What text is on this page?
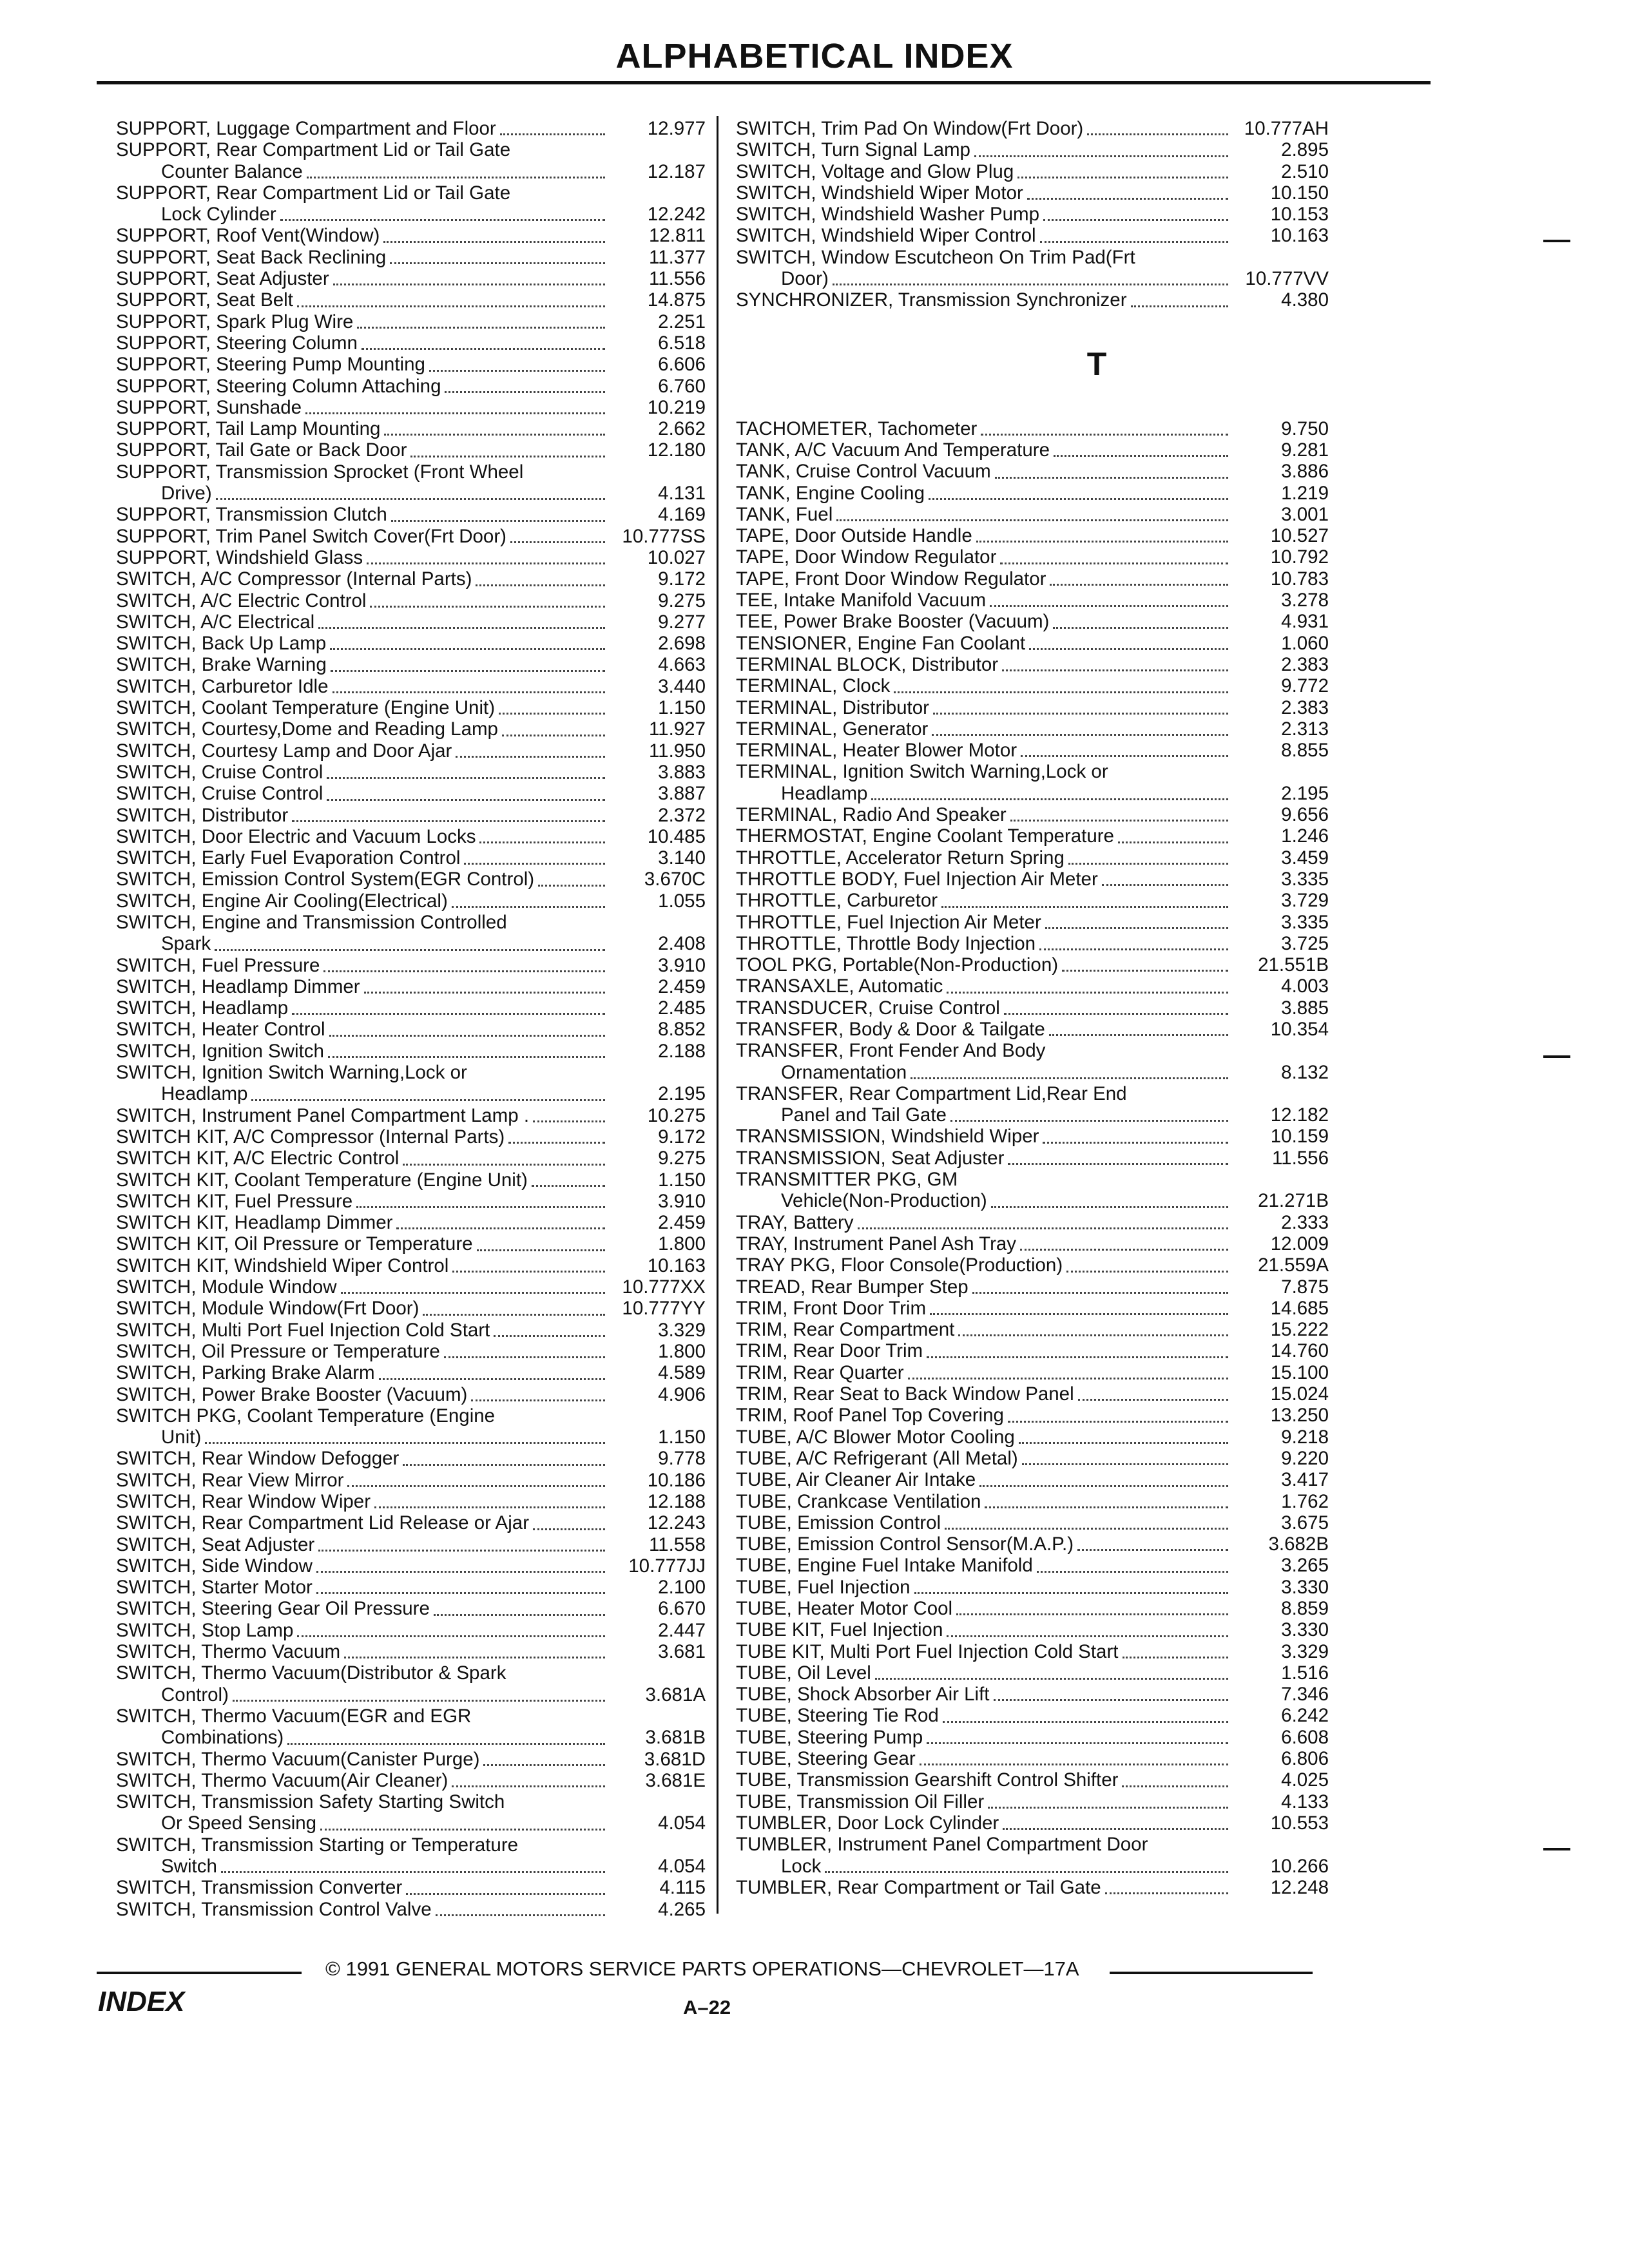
ALPHABETICAL INDEX
SUPPORT, Luggage Compartment and Floor	12.977
SUPPORT, Rear Compartment Lid or Tail Gate
Counter Balance	12.187
SUPPORT, Rear Compartment Lid or Tail Gate
Lock Cylinder	12.242
SUPPORT, Roof Vent(Window)	12.811
SUPPORT, Seat Back Reclining	11.377
SUPPORT, Seat Adjuster	11.556
SUPPORT, Seat Belt	14.875
SUPPORT, Spark Plug Wire	2.251
SUPPORT, Steering Column	6.518
SUPPORT, Steering Pump Mounting	6.606
SUPPORT, Steering Column Attaching	6.760
SUPPORT, Sunshade	10.219
SUPPORT, Tail Lamp Mounting	2.662
SUPPORT, Tail Gate or Back Door	12.180
SUPPORT, Transmission Sprocket (Front Wheel
Drive)	4.131
SUPPORT, Transmission Clutch	4.169
SUPPORT, Trim Panel Switch Cover(Frt Door)	10.777SS
SUPPORT, Windshield Glass	10.027
SWITCH, A/C Compressor (Internal Parts)	9.172
SWITCH, A/C Electric Control	9.275
SWITCH, A/C Electrical	9.277
SWITCH, Back Up Lamp	2.698
SWITCH, Brake Warning	4.663
SWITCH, Carburetor Idle	3.440
SWITCH, Coolant Temperature (Engine Unit)	1.150
SWITCH, Courtesy,Dome and Reading Lamp	11.927
SWITCH, Courtesy Lamp and Door Ajar	11.950
SWITCH, Cruise Control	3.883
SWITCH, Cruise Control	3.887
SWITCH, Distributor	2.372
SWITCH, Door Electric and Vacuum Locks	10.485
SWITCH, Early Fuel Evaporation Control	3.140
SWITCH, Emission Control System(EGR Control)	3.670C
SWITCH, Engine Air Cooling(Electrical)	1.055
SWITCH, Engine and Transmission Controlled
Spark	2.408
SWITCH, Fuel Pressure	3.910
SWITCH, Headlamp Dimmer	2.459
SWITCH, Headlamp	2.485
SWITCH, Heater Control	8.852
SWITCH, Ignition Switch	2.188
SWITCH, Ignition Switch Warning,Lock or
Headlamp	2.195
SWITCH, Instrument Panel Compartment Lamp .	10.275
SWITCH KIT, A/C Compressor (Internal Parts)	9.172
SWITCH KIT, A/C Electric Control	9.275
SWITCH KIT, Coolant Temperature (Engine Unit)	1.150
SWITCH KIT, Fuel Pressure	3.910
SWITCH KIT, Headlamp Dimmer	2.459
SWITCH KIT, Oil Pressure or Temperature	1.800
SWITCH KIT, Windshield Wiper Control	10.163
SWITCH, Module Window	10.777XX
SWITCH, Module Window(Frt Door)	10.777YY
SWITCH, Multi Port Fuel Injection Cold Start	3.329
SWITCH, Oil Pressure or Temperature	1.800
SWITCH, Parking Brake Alarm	4.589
SWITCH, Power Brake Booster (Vacuum)	4.906
SWITCH PKG, Coolant Temperature (Engine
Unit)	1.150
SWITCH, Rear Window Defogger	9.778
SWITCH, Rear View Mirror	10.186
SWITCH, Rear Window Wiper	12.188
SWITCH, Rear Compartment Lid Release or Ajar	12.243
SWITCH, Seat Adjuster	11.558
SWITCH, Side Window	10.777JJ
SWITCH, Starter Motor	2.100
SWITCH, Steering Gear Oil Pressure	6.670
SWITCH, Stop Lamp	2.447
SWITCH, Thermo Vacuum	3.681
SWITCH, Thermo Vacuum(Distributor & Spark
Control)	3.681A
SWITCH, Thermo Vacuum(EGR and EGR
Combinations)	3.681B
SWITCH, Thermo Vacuum(Canister Purge)	3.681D
SWITCH, Thermo Vacuum(Air Cleaner)	3.681E
SWITCH, Transmission Safety Starting Switch
Or Speed Sensing	4.054
SWITCH, Transmission Starting or Temperature
Switch	4.054
SWITCH, Transmission Converter	4.115
SWITCH, Transmission Control Valve	4.265
SWITCH, Trim Pad On Window(Frt Door)	10.777AH
SWITCH, Turn Signal Lamp	2.895
SWITCH, Voltage and Glow Plug	2.510
SWITCH, Windshield Wiper Motor	10.150
SWITCH, Windshield Washer Pump	10.153
SWITCH, Windshield Wiper Control	10.163
SWITCH, Window Escutcheon On Trim Pad(Frt
Door)	10.777VV
SYNCHRONIZER, Transmission Synchronizer	4.380
T
TACHOMETER, Tachometer	9.750
TANK, A/C Vacuum And Temperature	9.281
TANK, Cruise Control Vacuum	3.886
TANK, Engine Cooling	1.219
TANK, Fuel	3.001
TAPE, Door Outside Handle	10.527
TAPE, Door Window Regulator	10.792
TAPE, Front Door Window Regulator	10.783
TEE, Intake Manifold Vacuum	3.278
TEE, Power Brake Booster (Vacuum)	4.931
TENSIONER, Engine Fan Coolant	1.060
TERMINAL BLOCK, Distributor	2.383
TERMINAL, Clock	9.772
TERMINAL, Distributor	2.383
TERMINAL, Generator	2.313
TERMINAL, Heater Blower Motor	8.855
TERMINAL, Ignition Switch Warning,Lock or
Headlamp	2.195
TERMINAL, Radio And Speaker	9.656
THERMOSTAT, Engine Coolant Temperature	1.246
THROTTLE, Accelerator Return Spring	3.459
THROTTLE BODY, Fuel Injection Air Meter	3.335
THROTTLE, Carburetor	3.729
THROTTLE, Fuel Injection Air Meter	3.335
THROTTLE, Throttle Body Injection	3.725
TOOL PKG, Portable(Non-Production)	21.551B
TRANSAXLE, Automatic	4.003
TRANSDUCER, Cruise Control	3.885
TRANSFER, Body & Door & Tailgate	10.354
TRANSFER, Front Fender And Body
Ornamentation	8.132
TRANSFER, Rear Compartment Lid,Rear End
Panel and Tail Gate	12.182
TRANSMISSION, Windshield Wiper	10.159
TRANSMISSION, Seat Adjuster	11.556
TRANSMITTER PKG, GM
Vehicle(Non-Production)	21.271B
TRAY, Battery	2.333
TRAY, Instrument Panel Ash Tray	12.009
TRAY PKG, Floor Console(Production)	21.559A
TREAD, Rear Bumper Step	7.875
TRIM, Front Door Trim	14.685
TRIM, Rear Compartment	15.222
TRIM, Rear Door Trim	14.760
TRIM, Rear Quarter	15.100
TRIM, Rear Seat to Back Window Panel	15.024
TRIM, Roof Panel Top Covering	13.250
TUBE, A/C Blower Motor Cooling	9.218
TUBE, A/C Refrigerant (All Metal)	9.220
TUBE, Air Cleaner Air Intake	3.417
TUBE, Crankcase Ventilation	1.762
TUBE, Emission Control	3.675
TUBE, Emission Control Sensor(M.A.P.)	3.682B
TUBE, Engine Fuel Intake Manifold	3.265
TUBE, Fuel Injection	3.330
TUBE, Heater Motor Cool	8.859
TUBE KIT, Fuel Injection	3.330
TUBE KIT, Multi Port Fuel Injection Cold Start	3.329
TUBE, Oil Level	1.516
TUBE, Shock Absorber Air Lift	7.346
TUBE, Steering Tie Rod	6.242
TUBE, Steering Pump	6.608
TUBE, Steering Gear	6.806
TUBE, Transmission Gearshift Control Shifter	4.025
TUBE, Transmission Oil Filler	4.133
TUMBLER, Door Lock Cylinder	10.553
TUMBLER, Instrument Panel Compartment Door
Lock	10.266
TUMBLER, Rear Compartment or Tail Gate	12.248
© 1991 GENERAL MOTORS SERVICE PARTS OPERATIONS—CHEVROLET—17A
INDEX	A–22
